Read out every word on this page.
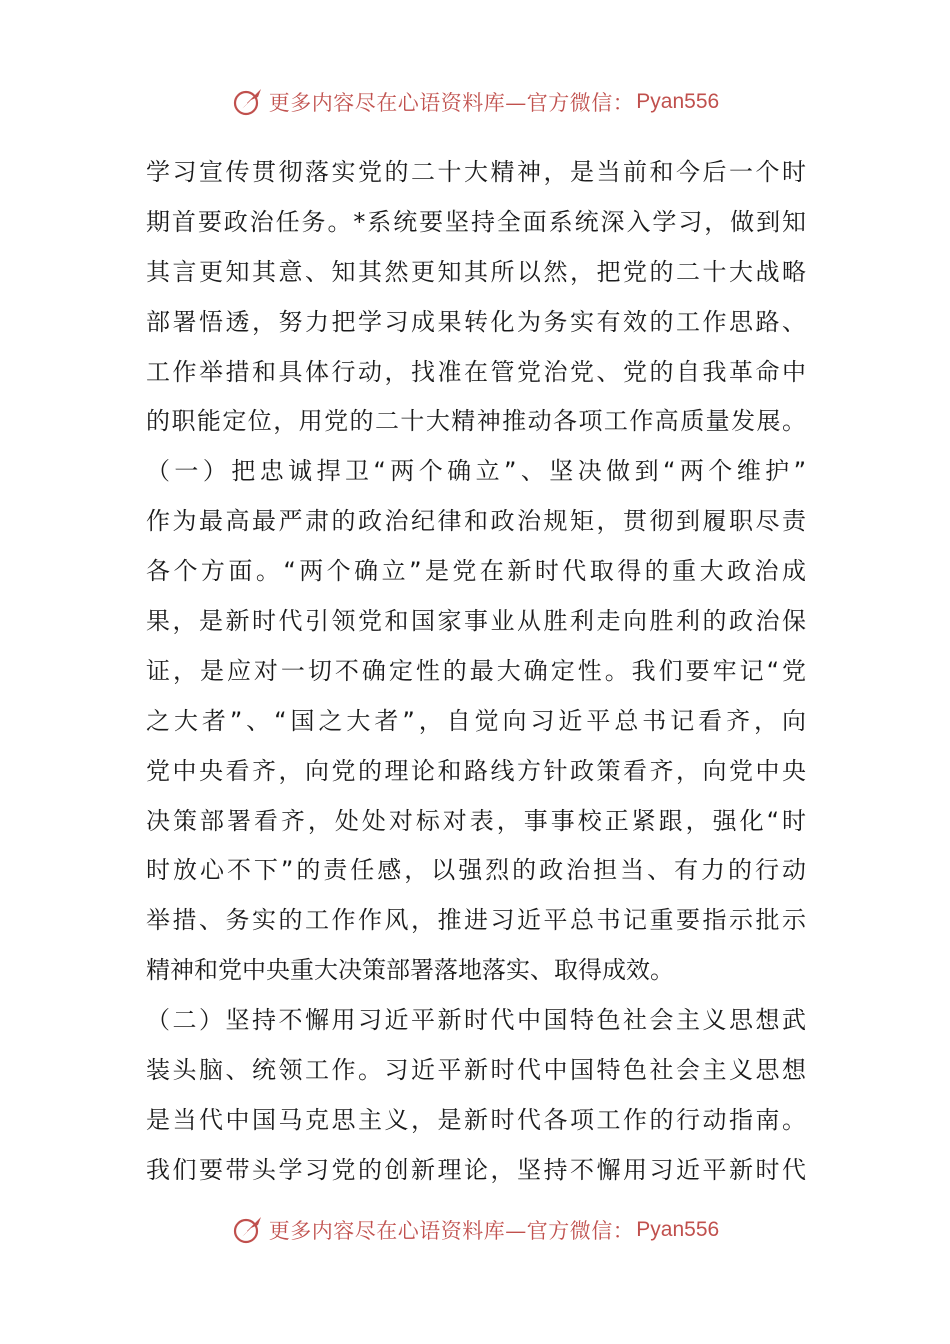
更多内容尽在心语资料库—官方微信： Pyan556
学习宣传贯彻落实党的二十大精神，是当前和今后一个时
期首要政治任务。*系统要坚持全面系统深入学习，做到知
其言更知其意、知其然更知其所以然，把党的二十大战略
部署悟透，努力把学习成果转化为务实有效的工作思路、
工作举措和具体行动，找准在管党治党、党的自我革命中
的职能定位，用党的二十大精神推动各项工作高质量发展。
（一）把忠诚捍卫“两个确立”、坚决做到“两个维护”
作为最高最严肃的政治纪律和政治规矩，贯彻到履职尽责
各个方面。“两个确立”是党在新时代取得的重大政治成
果，是新时代引领党和国家事业从胜利走向胜利的政治保
证，是应对一切不确定性的最大确定性。我们要牢记“党
之大者”、“国之大者”，自觉向习近平总书记看齐，向
党中央看齐，向党的理论和路线方针政策看齐，向党中央
决策部署看齐，处处对标对表，事事校正紧跟，强化“时
时放心不下”的责任感，以强烈的政治担当、有力的行动
举措、务实的工作作风，推进习近平总书记重要指示批示
精神和党中央重大决策部署落地落实、取得成效。
（二）坚持不懈用习近平新时代中国特色社会主义思想武
装头脑、统领工作。习近平新时代中国特色社会主义思想
是当代中国马克思主义，是新时代各项工作的行动指南。
我们要带头学习党的创新理论，坚持不懈用习近平新时代
更多内容尽在心语资料库—官方微信： Pyan556
